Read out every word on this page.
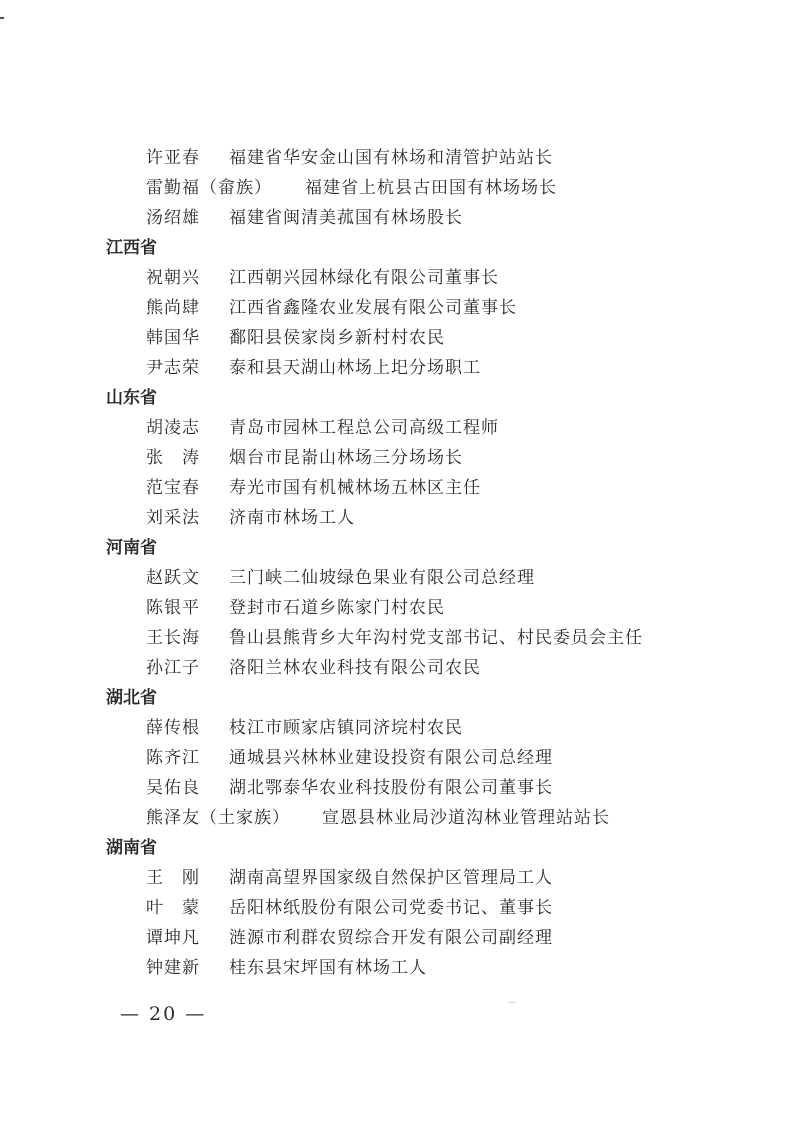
许亚春 福建省华安金山国有林场和清管护站站长
雷勤福（畲族） 福建省上杭县古田国有林场场长
汤绍雄 福建省闽清美菰国有林场股长
江西省
祝朝兴 江西朝兴园林绿化有限公司董事长
熊尚肆 江西省鑫隆农业发展有限公司董事长
韩国华 鄱阳县侯家岗乡新村村农民
尹志荣 泰和县天湖山林场上圯分场职工
山东省
胡凌志 青岛市园林工程总公司高级工程师
张　涛 烟台市昆嵛山林场三分场场长
范宝春 寿光市国有机械林场五林区主任
刘采法 济南市林场工人
河南省
赵跃文 三门峡二仙坡绿色果业有限公司总经理
陈银平 登封市石道乡陈家门村农民
王长海 鲁山县熊背乡大年沟村党支部书记、村民委员会主任
孙江子 洛阳兰林农业科技有限公司农民
湖北省
薛传根 枝江市顾家店镇同济垸村农民
陈齐江 通城县兴林林业建设投资有限公司总经理
吴佑良 湖北鄂泰华农业科技股份有限公司董事长
熊泽友（土家族） 宣恩县林业局沙道沟林业管理站站长
湖南省
王　刚 湖南高望界国家级自然保护区管理局工人
叶　蒙 岳阳林纸股份有限公司党委书记、董事长
谭坤凡 涟源市利群农贸综合开发有限公司副经理
钟建新 桂东县宋坪国有林场工人
— 20 —
